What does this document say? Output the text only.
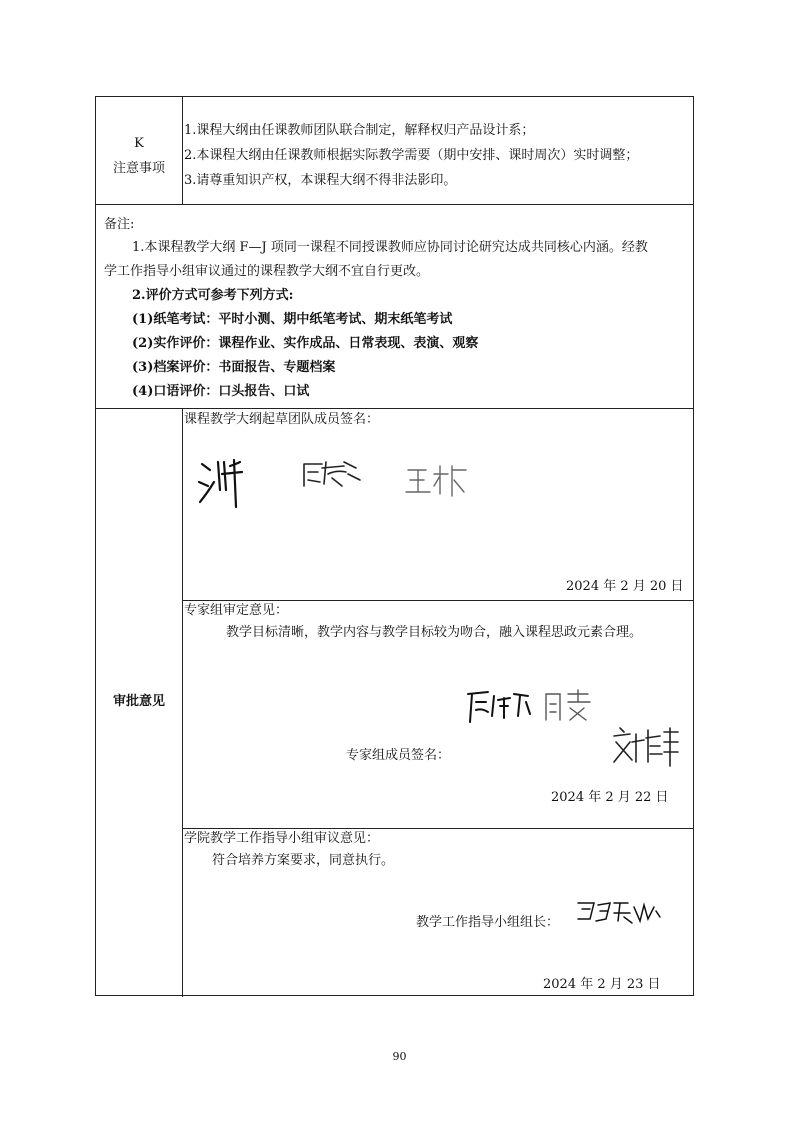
K
注意事项
1.课程大纲由任课教师团队联合制定，解释权归产品设计系；
2.本课程大纲由任课教师根据实际教学需要（期中安排、课时周次）实时调整；
3.请尊重知识产权，本课程大纲不得非法影印。
备注:
1.本课程教学大纲 F—J 项同一课程不同授课教师应协同讨论研究达成共同核心内涵。经教
学工作指导小组审议通过的课程教学大纲不宜自行更改。
2.评价方式可参考下列方式:
(1)纸笔考试：平时小测、期中纸笔考试、期末纸笔考试
(2)实作评价：课程作业、实作成品、日常表现、表演、观察
(3)档案评价：书面报告、专题档案
(4)口语评价：口头报告、口试
审批意见
课程教学大纲起草团队成员签名：
2024 年 2 月 20 日
专家组审定意见：
教学目标清晰，教学内容与教学目标较为吻合，融入课程思政元素合理。
专家组成员签名：
2024 年 2 月 22 日
学院教学工作指导小组审议意见：
符合培养方案要求，同意执行。
教学工作指导小组组长：
2024 年 2 月 23 日
90
